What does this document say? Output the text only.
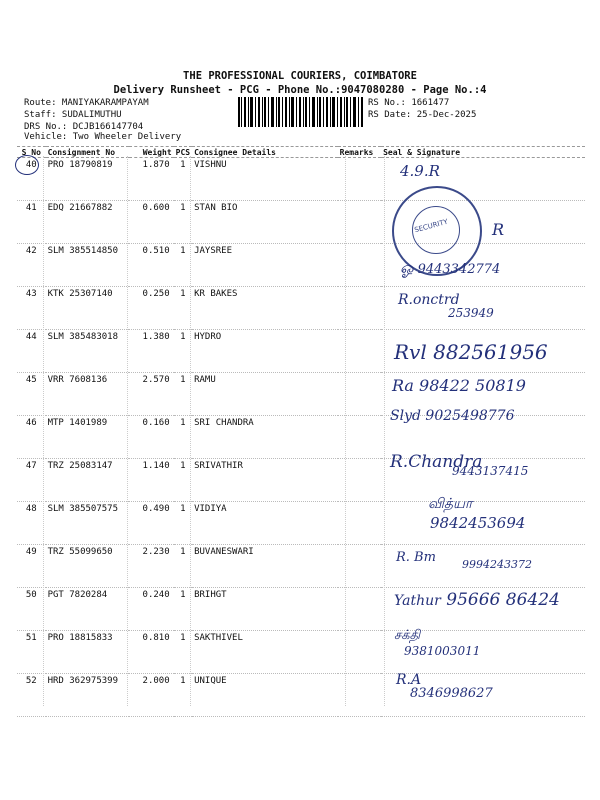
THE PROFESSIONAL COURIERS, COIMBATORE
Delivery Runsheet - PCG - Phone No.:9047080280 - Page No.:4
Route: MANIYAKARAMPAYAM
Staff: SUDALIMUTHU
DRS No.: DCJB166147704
Vehicle: Two Wheeler Delivery
RS No.: 1661477
RS Date: 25-Dec-2025
S No	Consignment No	Weight	PCS	Consignee Details	Remarks	Seal & Signature
40	PRO 18790819	1.870	1	VISHNU		
41	EDQ 21667882	0.600	1	STAN BIO		
42	SLM 385514850	0.510	1	JAYSREE		
43	KTK 25307140	0.250	1	KR BAKES		
44	SLM 385483018	1.380	1	HYDRO		
45	VRR 7608136	2.570	1	RAMU		
46	MTP 1401989	0.160	1	SRI CHANDRA		
47	TRZ 25083147	1.140	1	SRIVATHIR		
48	SLM 385507575	0.490	1	VIDIYA		
49	TRZ 55099650	2.230	1	BUVANESWARI		
50	PGT 7820284	0.240	1	BRIHGT		
51	PRO 18815833	0.810	1	SAKTHIVEL		
52	HRD 362975399	2.000	1	UNIQUE		
SECURITY
4.9.R
R
ஓ 9443342774
R.onctrd
253949
Rvl 882561956
Ra 98422 50819
Slyd 9025498776
R.Chandra
9443137415
வித்யா
9842453694
R. Bm 9994243372
Yathur 95666 86424
சக்தி
9381003011
R.A
8346998627
